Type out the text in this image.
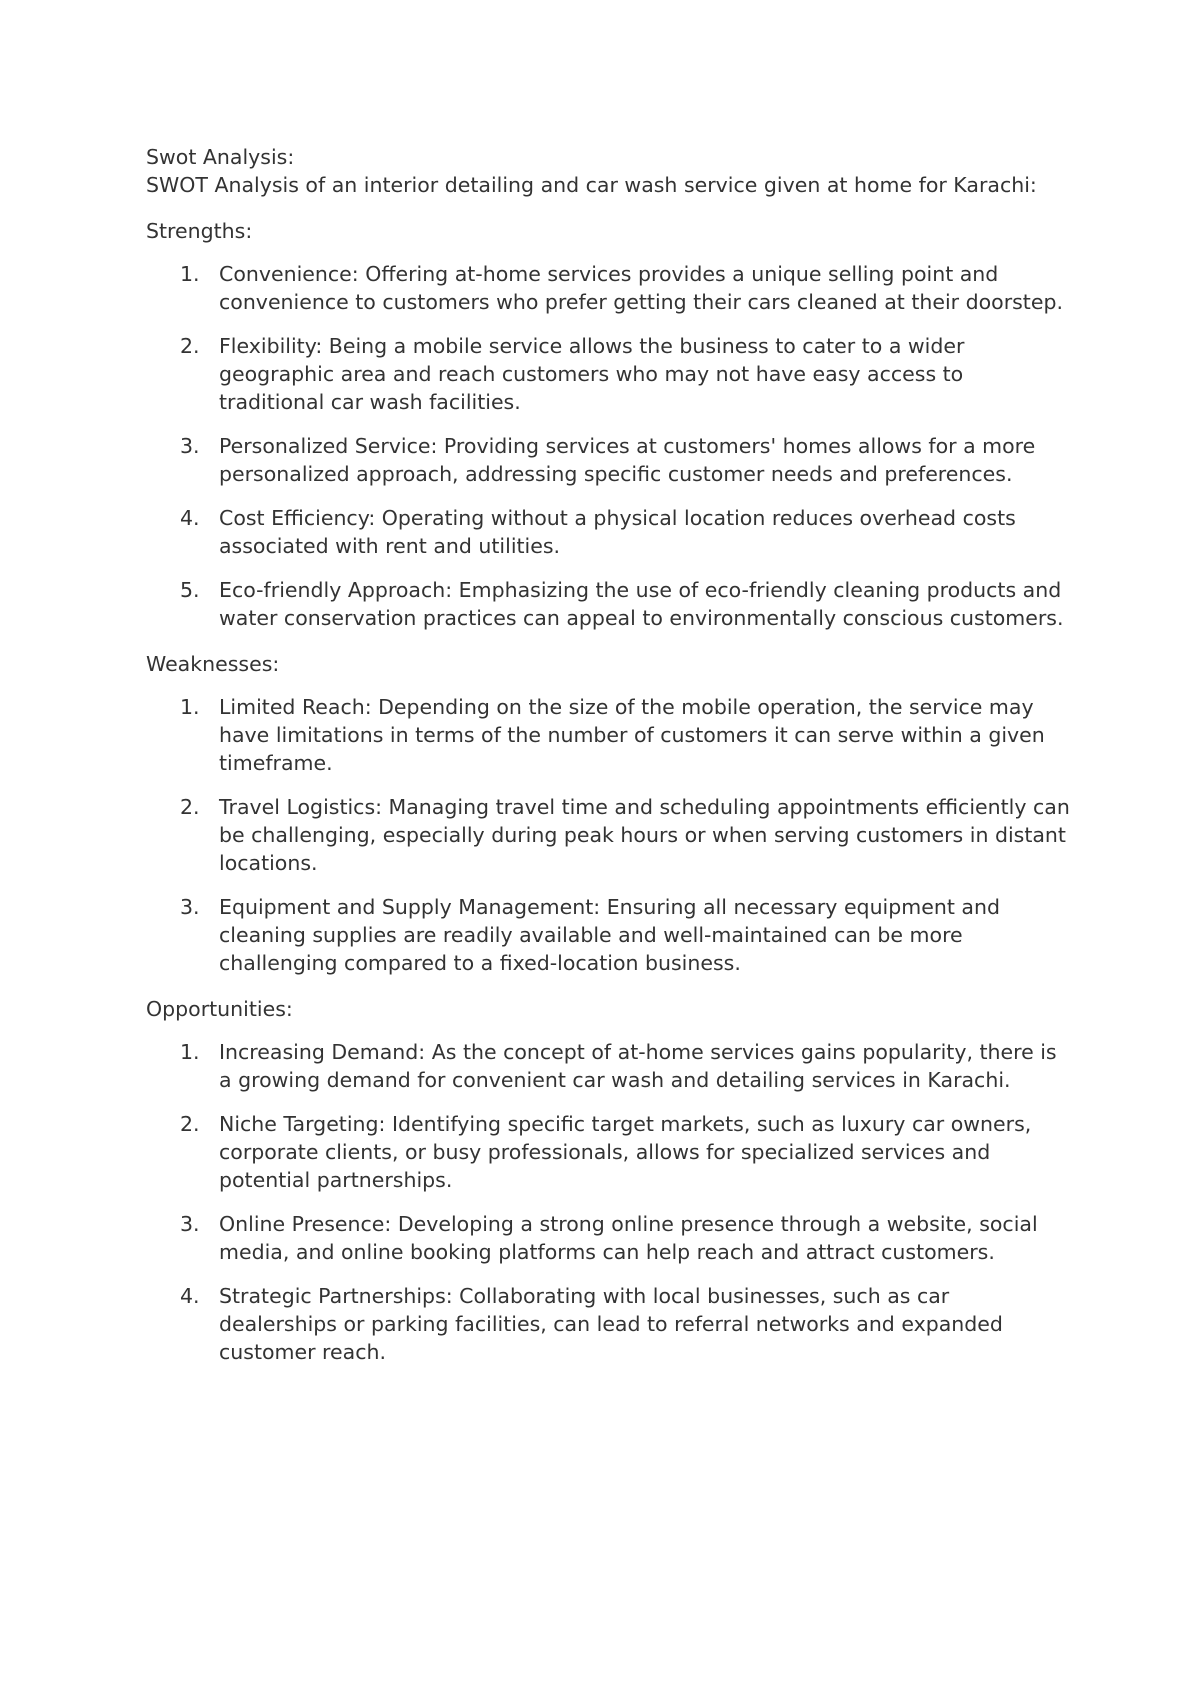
Swot Analysis:

SWOT Analysis of an interior detailing and car wash service given at home for Karachi:

Strengths:

1. Convenience: Offering at-home services provides a unique selling point and convenience to customers who prefer getting their cars cleaned at their doorstep.
2. Flexibility: Being a mobile service allows the business to cater to a wider geographic area and reach customers who may not have easy access to traditional car wash facilities.
3. Personalized Service: Providing services at customers' homes allows for a more personalized approach, addressing specific customer needs and preferences.
4. Cost Efficiency: Operating without a physical location reduces overhead costs associated with rent and utilities.
5. Eco-friendly Approach: Emphasizing the use of eco-friendly cleaning products and water conservation practices can appeal to environmentally conscious customers.

Weaknesses:

1. Limited Reach: Depending on the size of the mobile operation, the service may have limitations in terms of the number of customers it can serve within a given timeframe.
2. Travel Logistics: Managing travel time and scheduling appointments efficiently can be challenging, especially during peak hours or when serving customers in distant locations.
3. Equipment and Supply Management: Ensuring all necessary equipment and cleaning supplies are readily available and well-maintained can be more challenging compared to a fixed-location business.

Opportunities:

1. Increasing Demand: As the concept of at-home services gains popularity, there is a growing demand for convenient car wash and detailing services in Karachi.
2. Niche Targeting: Identifying specific target markets, such as luxury car owners, corporate clients, or busy professionals, allows for specialized services and potential partnerships.
3. Online Presence: Developing a strong online presence through a website, social media, and online booking platforms can help reach and attract customers.
4. Strategic Partnerships: Collaborating with local businesses, such as car dealerships or parking facilities, can lead to referral networks and expanded customer reach.
